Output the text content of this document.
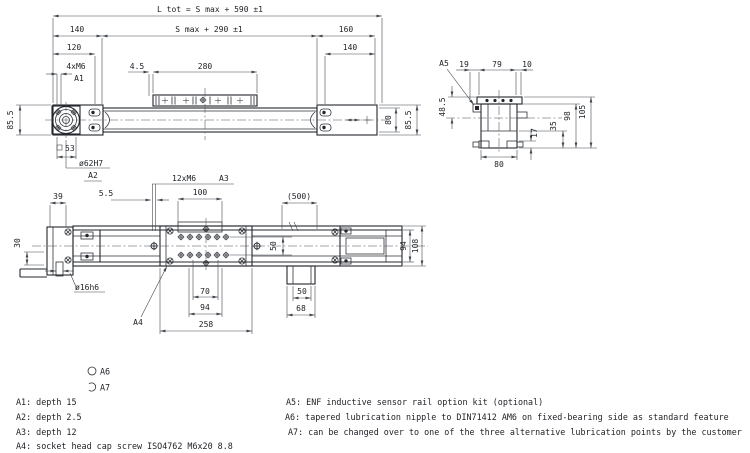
L tot = S max + 590 ±1
140	S max + 290 ±1	160
120	140
4xM6
A1
4.5	280
85.5	80 85.5
53
ø62H7
A2
A5 19	79	10
48.5	98 105
35
17
80
39
30
5.5
12xM6	A3
100	(500)
50
ø16h6	70
94
258
50
68
A4
94 108
A6
A7
A1: depth 15
A2: depth 2.5
A3: depth 12
A4: socket head cap screw ISO4762 M6x20 8.8
A5: ENF inductive sensor rail option kit (optional)
A6: tapered lubrication nipple to DIN71412 AM6 on fixed-bearing side as standard feature
A7: can be changed over to one of the three alternative lubrication points by the customer
